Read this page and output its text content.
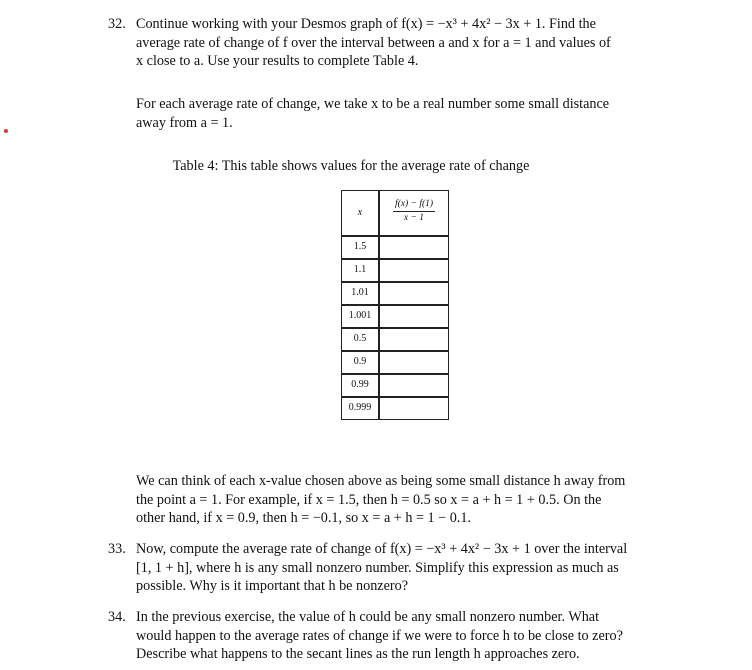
32. Continue working with your Desmos graph of f(x) = −x³ + 4x² − 3x + 1. Find the
average rate of change of f over the interval between a and x for a = 1 and values of
x close to a. Use your results to complete Table 4.
For each average rate of change, we take x to be a real number some small distance
away from a = 1.
Table 4: This table shows values for the average rate of change
x	$\frac{f(x) - f(1)}{x - 1}$

1.5	
1.1	
1.01	
1.001	
0.5	
0.9	
0.99	
0.999	
We can think of each x-value chosen above as being some small distance h away from
the point a = 1. For example, if x = 1.5, then h = 0.5 so x = a + h = 1 + 0.5. On the
other hand, if x = 0.9, then h = −0.1, so x = a + h = 1 − 0.1.
33. Now, compute the average rate of change of f(x) = −x³ + 4x² − 3x + 1 over the interval
[1, 1 + h], where h is any small nonzero number. Simplify this expression as much as
possible. Why is it important that h be nonzero?
34. In the previous exercise, the value of h could be any small nonzero number. What
would happen to the average rates of change if we were to force h to be close to zero?
Describe what happens to the secant lines as the run length h approaches zero.
